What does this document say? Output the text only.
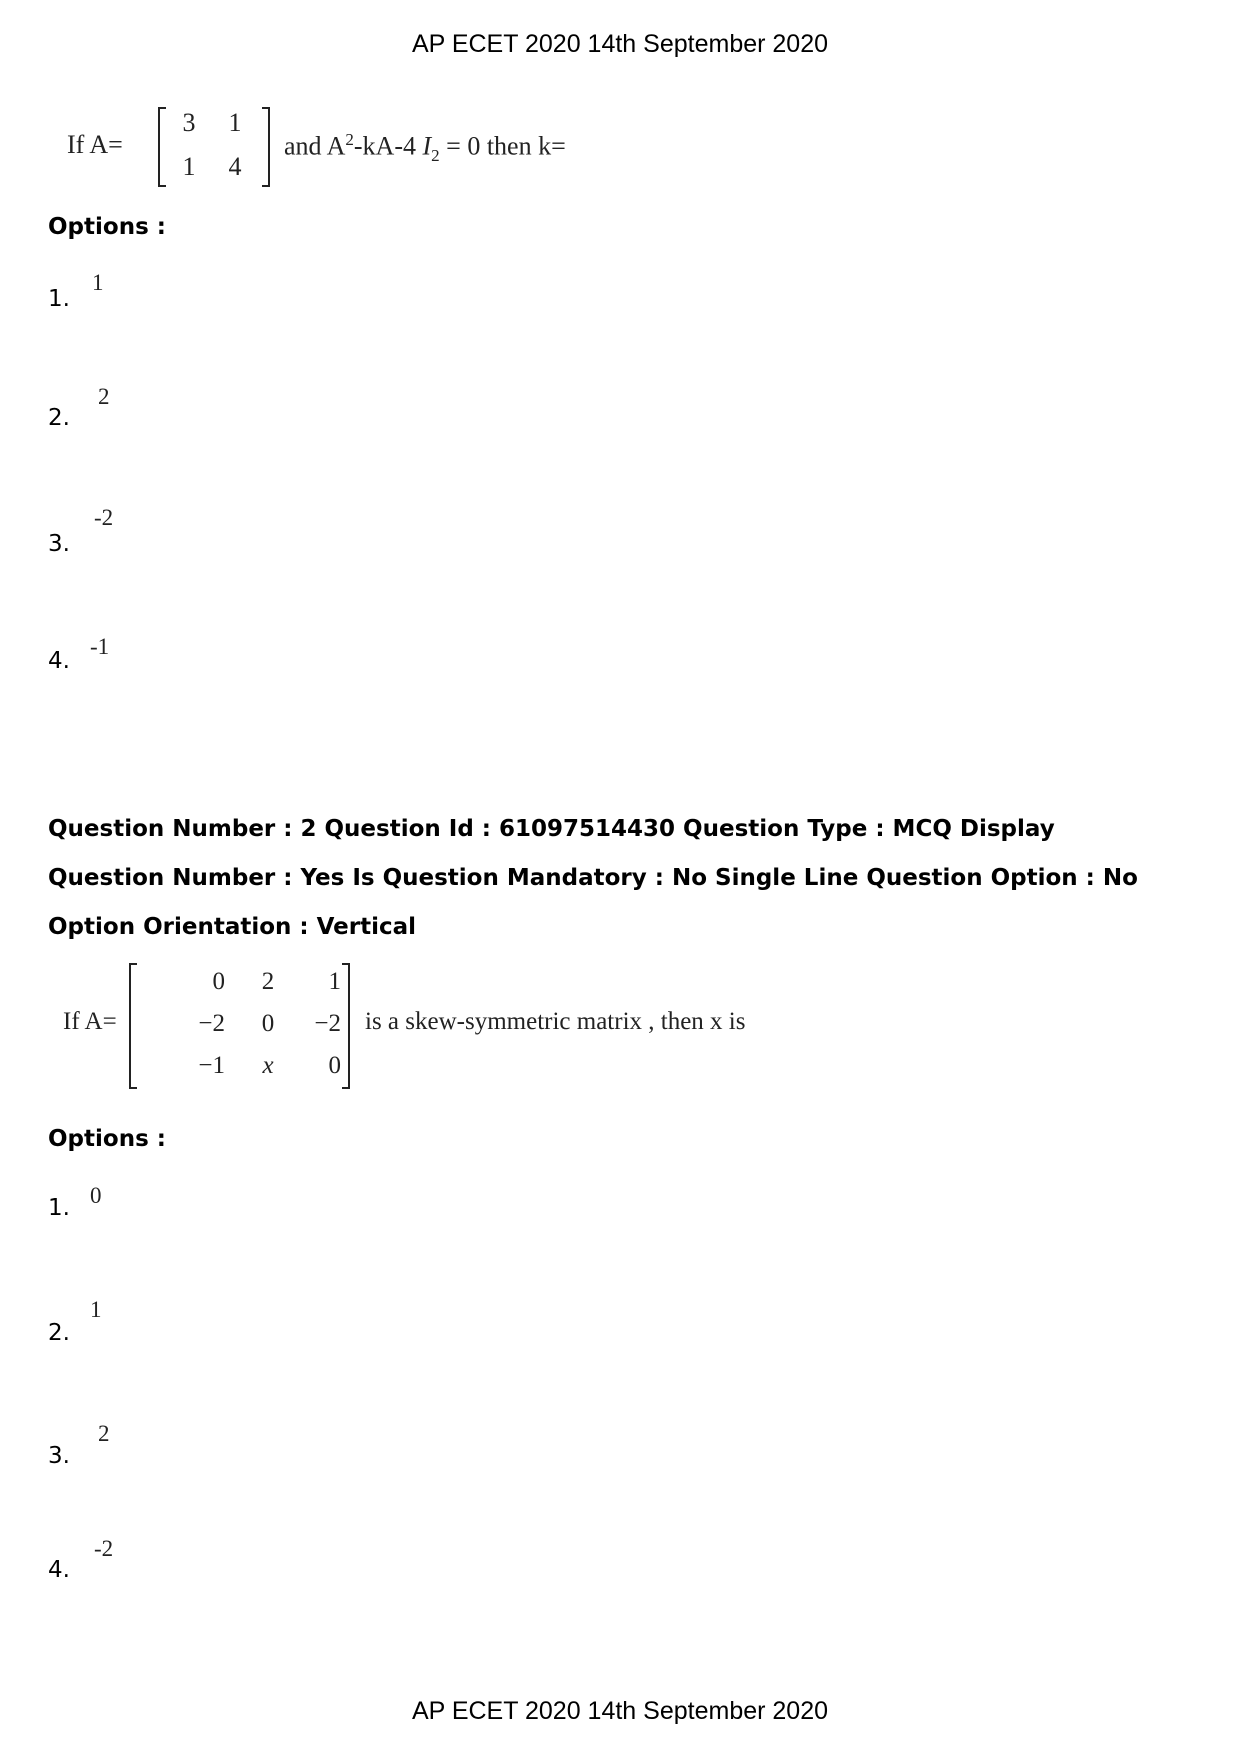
AP ECET 2020 14th September 2020
If A=
3	1
1	4
and $A^2-kA-4$ $I_2 = 0$ then k=
Options :
1.
1
2.
2
3.
-2
4.
-1
Question Number : 2 Question Id : 61097514430 Question Type : MCQ Display Question Number : Yes Is Question Mandatory : No Single Line Question Option : No Option Orientation : Vertical
If A=
0	2	1
−2	0	−2
−1	x	0
is a skew-symmetric matrix , then x is
Options :
1. 0
2.
1
3.
2
4.
-2
AP ECET 2020 14th September 2020
